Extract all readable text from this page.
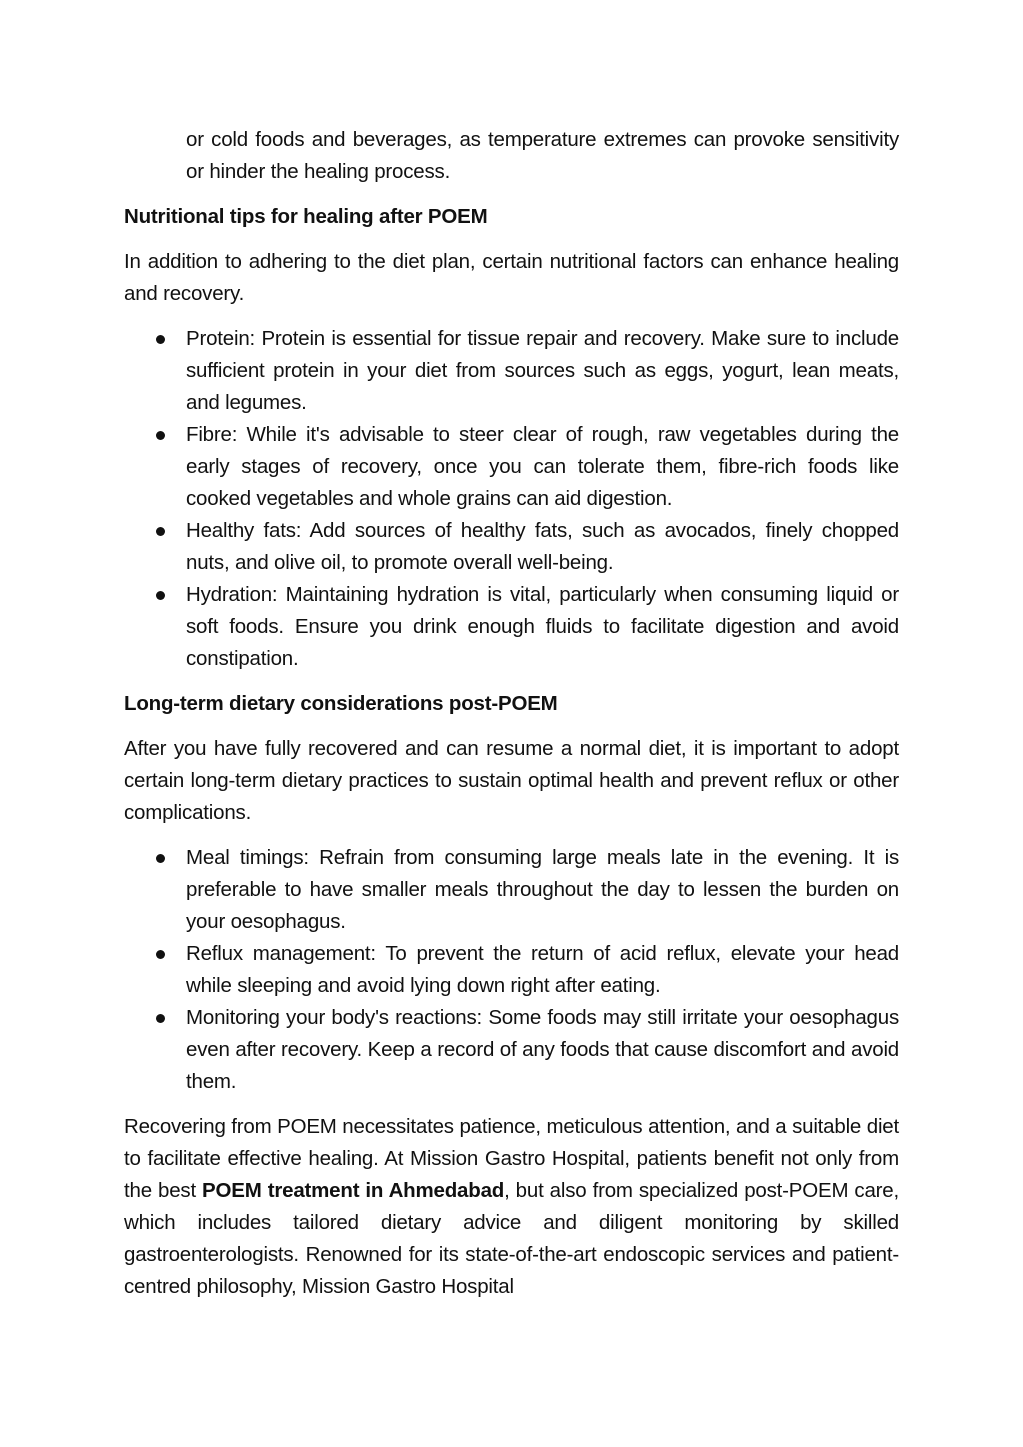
or cold foods and beverages, as temperature extremes can provoke sensitivity or hinder the healing process.

Nutritional tips for healing after POEM

In addition to adhering to the diet plan, certain nutritional factors can enhance healing and recovery.

Protein: Protein is essential for tissue repair and recovery. Make sure to include sufficient protein in your diet from sources such as eggs, yogurt, lean meats, and legumes.
Fibre: While it's advisable to steer clear of rough, raw vegetables during the early stages of recovery, once you can tolerate them, fibre-rich foods like cooked vegetables and whole grains can aid digestion.
Healthy fats: Add sources of healthy fats, such as avocados, finely chopped nuts, and olive oil, to promote overall well-being.
Hydration: Maintaining hydration is vital, particularly when consuming liquid or soft foods. Ensure you drink enough fluids to facilitate digestion and avoid constipation.

Long-term dietary considerations post-POEM

After you have fully recovered and can resume a normal diet, it is important to adopt certain long-term dietary practices to sustain optimal health and prevent reflux or other complications.

Meal timings: Refrain from consuming large meals late in the evening. It is preferable to have smaller meals throughout the day to lessen the burden on your oesophagus.
Reflux management: To prevent the return of acid reflux, elevate your head while sleeping and avoid lying down right after eating.
Monitoring your body's reactions: Some foods may still irritate your oesophagus even after recovery. Keep a record of any foods that cause discomfort and avoid them.

Recovering from POEM necessitates patience, meticulous attention, and a suitable diet to facilitate effective healing. At Mission Gastro Hospital, patients benefit not only from the best POEM treatment in Ahmedabad, but also from specialized post-POEM care, which includes tailored dietary advice and diligent monitoring by skilled gastroenterologists. Renowned for its state-of-the-art endoscopic services and patient-centred philosophy, Mission Gastro Hospital
